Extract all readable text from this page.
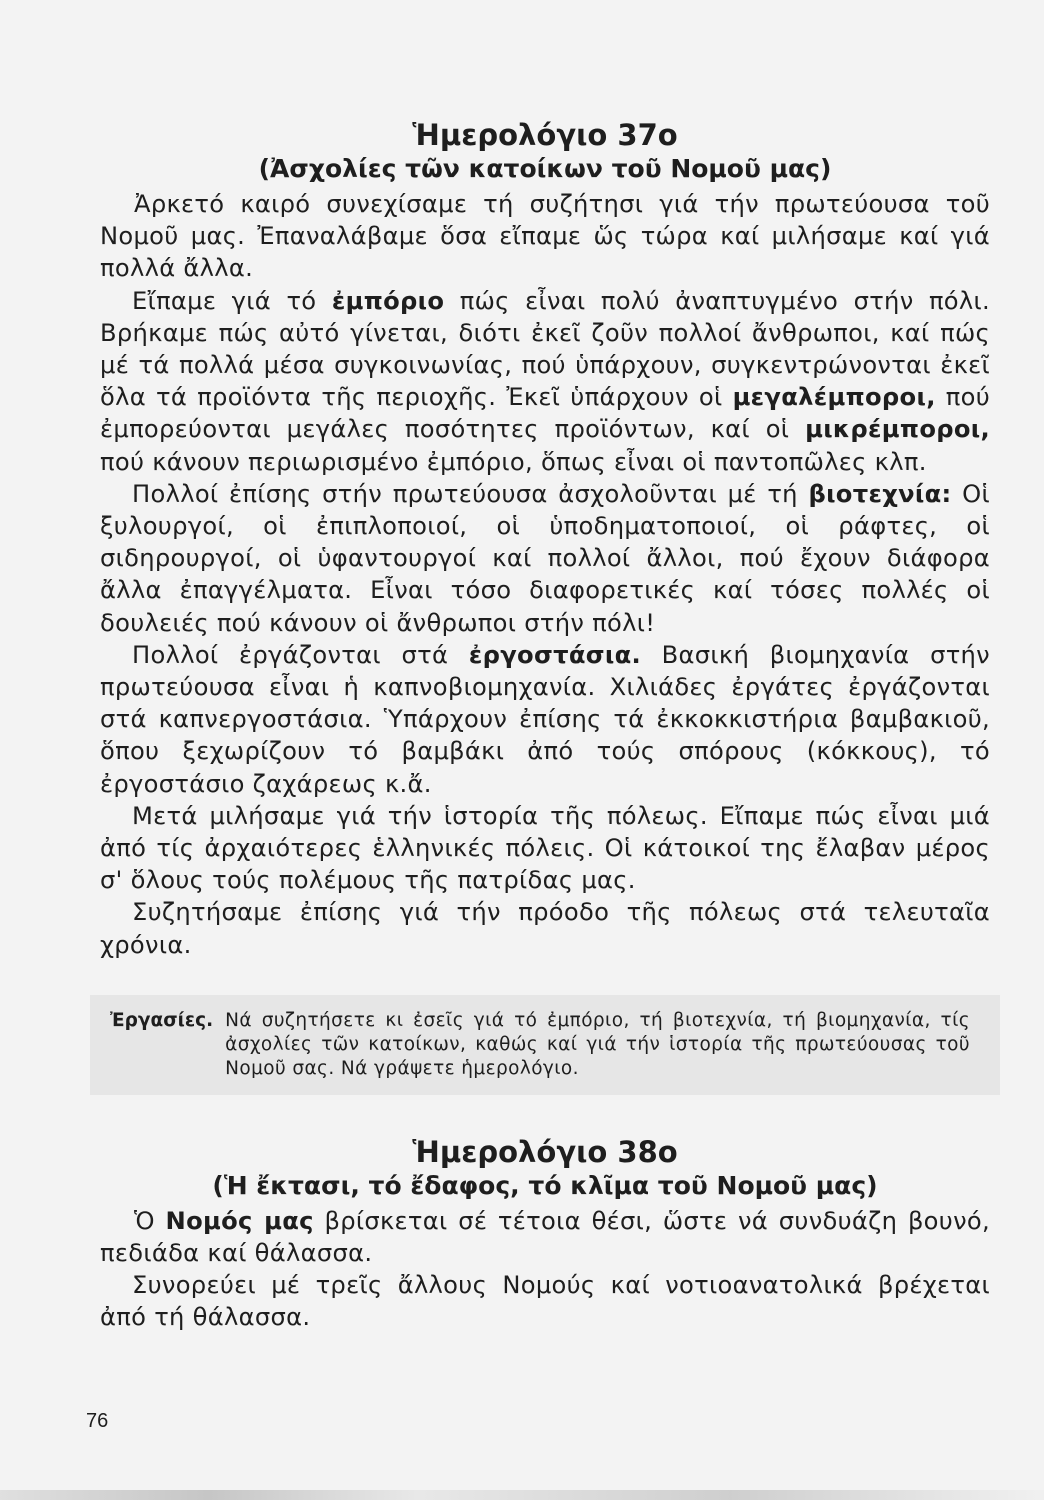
Ἡμερολόγιο 37ο
(Ἀσχολίες τῶν κατοίκων τοῦ Νομοῦ μας)

Ἀρκετό καιρό συνεχίσαμε τή συζήτησι γιά τήν πρωτεύουσα τοῦ Νομοῦ μας. Ἐπαναλάβαμε ὅσα εἴπαμε ὥς τώρα καί μιλήσαμε καί γιά πολλά ἄλλα.

Εἴπαμε γιά τό ἐμπόριο πώς εἶναι πολύ ἀναπτυγμένο στήν πόλι. Βρήκαμε πώς αὐτό γίνεται, διότι ἐκεῖ ζοῦν πολλοί ἄνθρωποι, καί πώς μέ τά πολλά μέσα συγκοινωνίας, πού ὑπάρχουν, συγκεντρώνονται ἐκεῖ ὅλα τά προϊόντα τῆς περιοχῆς. Ἐκεῖ ὑπάρχουν οἱ μεγαλέμποροι, πού ἐμπορεύονται μεγάλες ποσότητες προϊόντων, καί οἱ μικρέμποροι, πού κάνουν περιωρισμένο ἐμπόριο, ὅπως εἶναι οἱ παντοπῶλες κλπ.

Πολλοί ἐπίσης στήν πρωτεύουσα ἀσχολοῦνται μέ τή βιοτεχνία: Οἱ ξυλουργοί, οἱ ἐπιπλοποιοί, οἱ ὑποδηματοποιοί, οἱ ράφτες, οἱ σιδηρουργοί, οἱ ὑφαντουργοί καί πολλοί ἄλλοι, πού ἔχουν διάφορα ἄλλα ἐπαγγέλματα. Εἶναι τόσο διαφορετικές καί τόσες πολλές οἱ δουλειές πού κάνουν οἱ ἄνθρωποι στήν πόλι!

Πολλοί ἐργάζονται στά ἐργοστάσια. Βασική βιομηχανία στήν πρωτεύουσα εἶναι ἡ καπνοβιομηχανία. Χιλιάδες ἐργάτες ἐργάζονται στά καπνεργοστάσια. Ὑπάρχουν ἐπίσης τά ἐκκοκκιστήρια βαμβακιοῦ, ὅπου ξεχωρίζουν τό βαμβάκι ἀπό τούς σπόρους (κόκκους), τό ἐργοστάσιο ζαχάρεως κ.ἄ.

Μετά μιλήσαμε γιά τήν ἱστορία τῆς πόλεως. Εἴπαμε πώς εἶναι μιά ἀπό τίς ἀρχαιότερες ἑλληνικές πόλεις. Οἱ κάτοικοί της ἔλαβαν μέρος σ' ὅλους τούς πολέμους τῆς πατρίδας μας.

Συζητήσαμε ἐπίσης γιά τήν πρόοδο τῆς πόλεως στά τελευταῖα χρόνια.

Ἐργασίες. Νά συζητήσετε κι ἐσεῖς γιά τό ἐμπόριο, τή βιοτεχνία, τή βιομηχανία, τίς ἀσχολίες τῶν κατοίκων, καθώς καί γιά τήν ἱστορία τῆς πρωτεύουσας τοῦ Νομοῦ σας. Νά γράψετε ἡμερολόγιο.
Ἡμερολόγιο 38ο
(Ἡ ἔκτασι, τό ἔδαφος, τό κλῖμα τοῦ Νομοῦ μας)

Ὁ Νομός μας βρίσκεται σέ τέτοια θέσι, ὥστε νά συνδυάζη βουνό, πεδιάδα καί θάλασσα.

Συνορεύει μέ τρεῖς ἄλλους Νομούς καί νοτιοανατολικά βρέχεται ἀπό τή θάλασσα.

76
